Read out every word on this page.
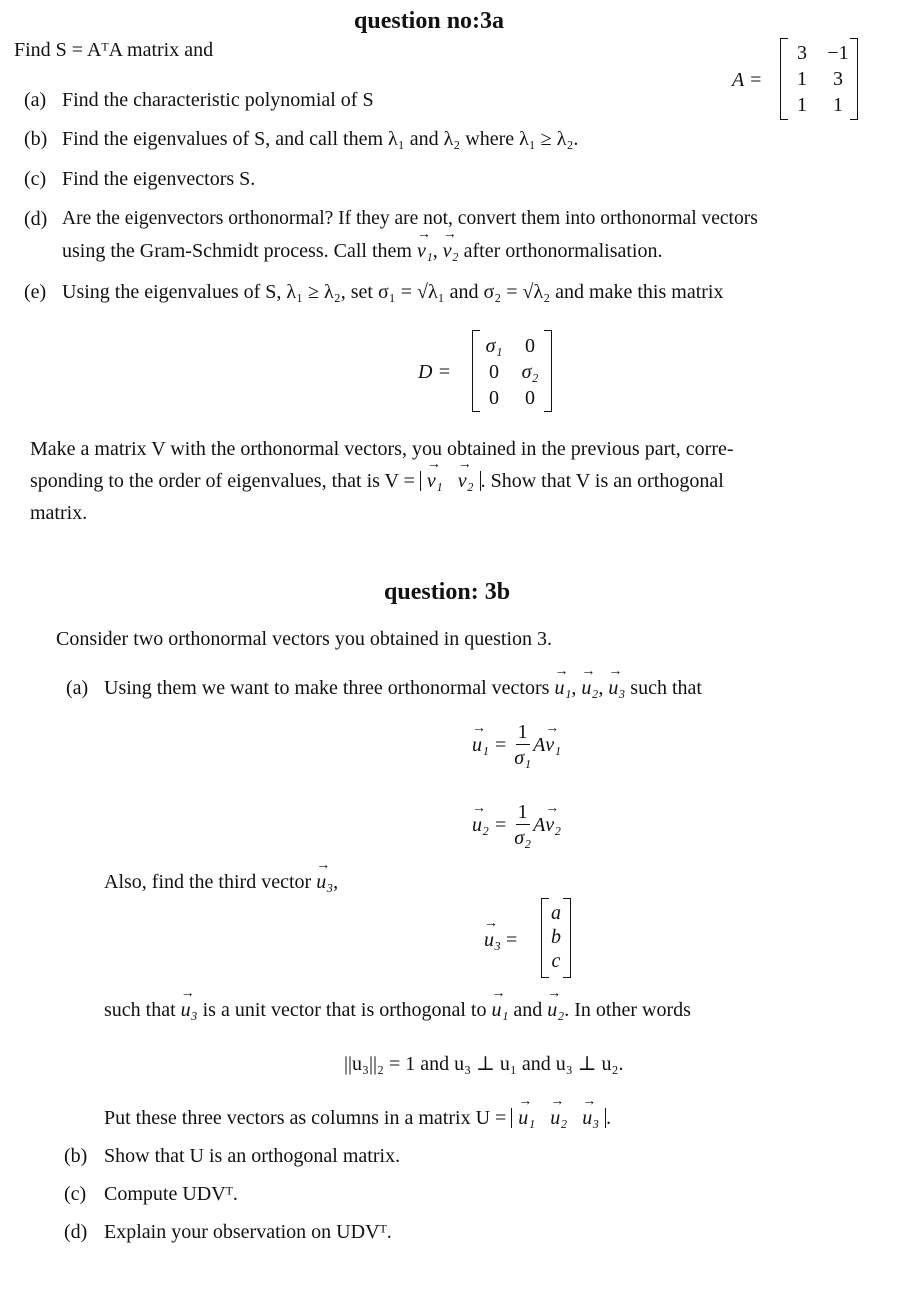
question no:3a
Find S = AᵀA matrix and
A =
3	−1
1	3
1	1
(a) Find the characteristic polynomial of S
(b) Find the eigenvalues of S, and call them λ₁ and λ₂ where λ₁ ≥ λ₂.
(c) Find the eigenvectors S.
(d) Are the eigenvectors orthonormal? If they are not, convert them into orthonormal vectors
using the Gram-Schmidt process. Call them → v₁, → v₂ after orthonormalisation.
(e) Using the eigenvalues of S, λ₁ ≥ λ₂, set σ₁ = √λ₁ and σ₂ = √λ₂ and make this matrix
D =
σ₁	0
0	σ₂
0	0
Make a matrix V with the orthonormal vectors, you obtained in the previous part, corre-
sponding to the order of eigenvalues, that is V = → v₁ → v₂ . Show that V is an orthogonal
matrix.
question: 3b
Consider two orthonormal vectors you obtained in question 3.
(a) Using them we want to make three orthonormal vectors → u₁, → u₂, → u₃ such that
→ $u_1 = \frac{1}{\text{σ₁}}$ A → v₁
→ $u_2 = \frac{1}{\text{σ₂}}$ A → v₂
Also, find the third vector → u₃,
→ u₃ =
a
b
c
such that → u₃ is a unit vector that is orthogonal to → u₁ and → u₂. In other words
||u₃||₂ = 1 and u₃ ⊥ u₁ and u₃ ⊥ u₂.
Put these three vectors as columns in a matrix U = → u₁ → u₂ → u₃ .
(b) Show that U is an orthogonal matrix.
(c) Compute UDVᵀ.
(d) Explain your observation on UDVᵀ.
